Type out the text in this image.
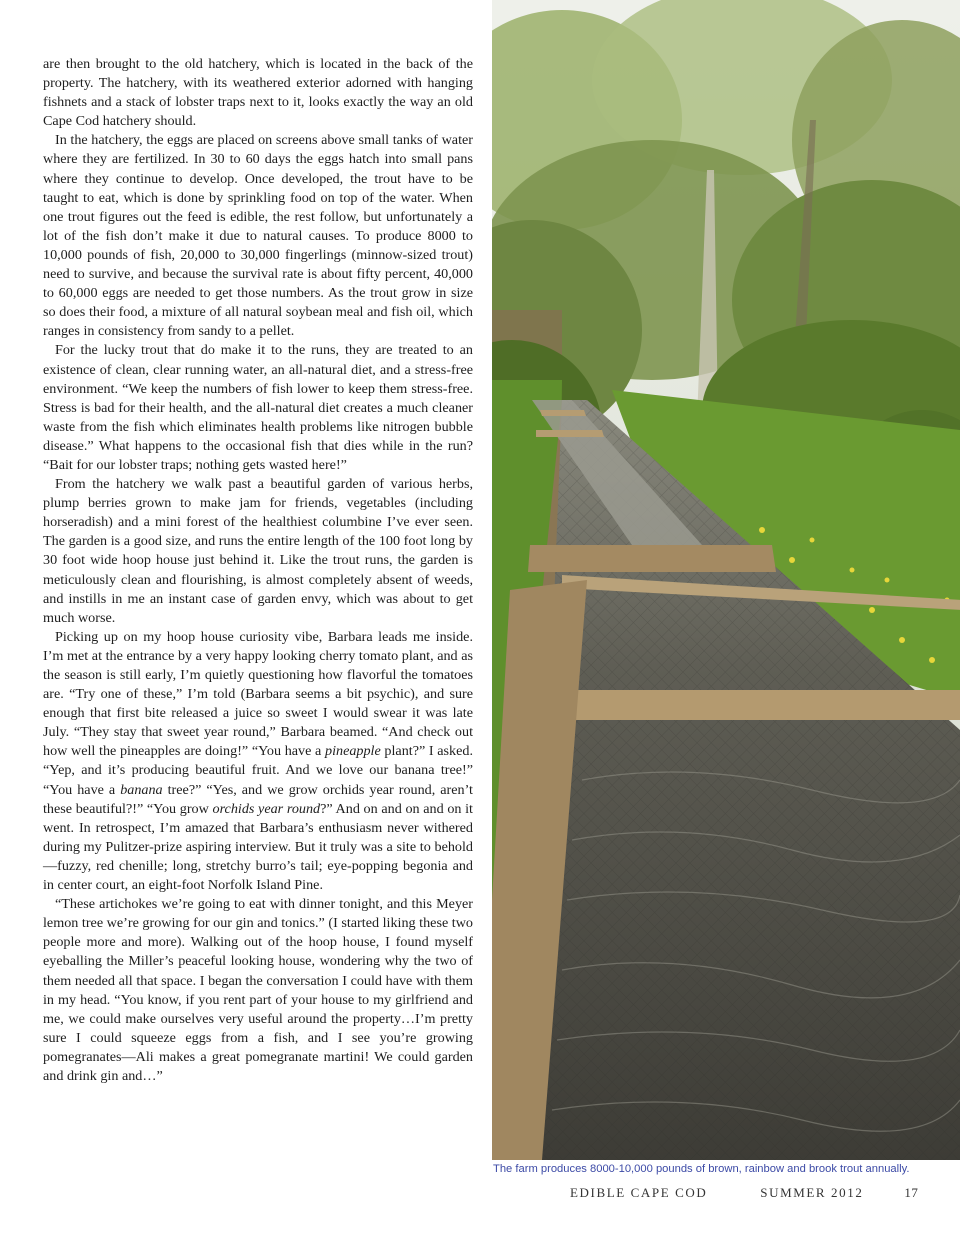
are then brought to the old hatchery, which is located in the back of the property. The hatchery, with its weathered exterior adorned with hanging fishnets and a stack of lobster traps next to it, looks exactly the way an old Cape Cod hatchery should.

In the hatchery, the eggs are placed on screens above small tanks of water where they are fertilized. In 30 to 60 days the eggs hatch into small pans where they continue to develop. Once developed, the trout have to be taught to eat, which is done by sprinkling food on top of the water. When one trout figures out the feed is edible, the rest follow, but unfortunately a lot of the fish don’t make it due to natural causes. To produce 8000 to 10,000 pounds of fish, 20,000 to 30,000 fingerlings (minnow-sized trout) need to survive, and because the survival rate is about fifty percent, 40,000 to 60,000 eggs are needed to get those numbers. As the trout grow in size so does their food, a mixture of all natural soybean meal and fish oil, which ranges in consistency from sandy to a pellet.

For the lucky trout that do make it to the runs, they are treated to an existence of clean, clear running water, an all-natural diet, and a stress-free environment. “We keep the numbers of fish lower to keep them stress-free. Stress is bad for their health, and the all-natural diet creates a much cleaner waste from the fish which eliminates health problems like nitrogen bubble disease.” What happens to the occasional fish that dies while in the run? “Bait for our lobster traps; nothing gets wasted here!”

From the hatchery we walk past a beautiful garden of various herbs, plump berries grown to make jam for friends, vegetables (including horseradish) and a mini forest of the healthiest columbine I’ve ever seen. The garden is a good size, and runs the entire length of the 100 foot long by 30 foot wide hoop house just behind it. Like the trout runs, the garden is meticulously clean and flourishing, is almost completely absent of weeds, and instills in me an instant case of garden envy, which was about to get much worse.

Picking up on my hoop house curiosity vibe, Barbara leads me inside. I’m met at the entrance by a very happy looking cherry tomato plant, and as the season is still early, I’m quietly questioning how flavorful the tomatoes are. “Try one of these,” I’m told (Barbara seems a bit psychic), and sure enough that first bite released a juice so sweet I would swear it was late July. “They stay that sweet year round,” Barbara beamed. “And check out how well the pineapples are doing!” “You have a pineapple plant?” I asked. “Yep, and it’s producing beautiful fruit. And we love our banana tree!” “You have a banana tree?” “Yes, and we grow orchids year round, aren’t these beautiful?!” “You grow orchids year round?” And on and on and on it went. In retrospect, I’m amazed that Barbara’s enthusiasm never withered during my Pulitzer-prize aspiring interview. But it truly was a site to behold—fuzzy, red chenille; long, stretchy burro’s tail; eye-popping begonia and in center court, an eight-foot Norfolk Island Pine.

“These artichokes we’re going to eat with dinner tonight, and this Meyer lemon tree we’re growing for our gin and tonics.” (I started liking these two people more and more). Walking out of the hoop house, I found myself eyeballing the Miller’s peaceful looking house, wondering why the two of them needed all that space. I began the conversation I could have with them in my head. “You know, if you rent part of your house to my girlfriend and me, we could make ourselves very useful around the property…I’m pretty sure I could squeeze eggs from a fish, and I see you’re growing pomegranates—Ali makes a great pomegranate martini! We could garden and drink gin and…”

The farm produces 8000-10,000 pounds of brown, rainbow and brook trout annually.
EDIBLE CAPE COD	SUMMER 2012	17
